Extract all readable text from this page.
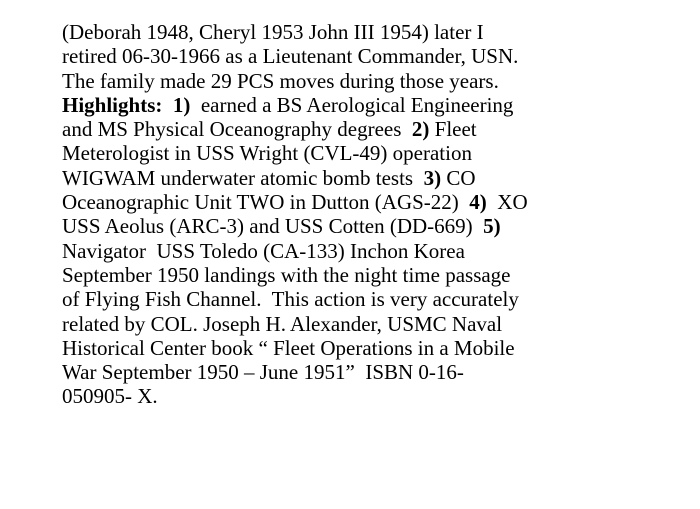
(Deborah 1948, Cheryl 1953 John III 1954) later I
retired 06-30-1966 as a Lieutenant Commander, USN.
The family made 29 PCS moves during those years.
Highlights:  1)  earned a BS Aerological Engineering
and MS Physical Oceanography degrees  2) Fleet
Meterologist in USS Wright (CVL-49) operation
WIGWAM underwater atomic bomb tests  3) CO
Oceanographic Unit TWO in Dutton (AGS-22)  4)  XO
USS Aeolus (ARC-3) and USS Cotten (DD-669)  5)
Navigator  USS Toledo (CA-133) Inchon Korea
September 1950 landings with the night time passage
of Flying Fish Channel.  This action is very accurately
related by COL. Joseph H. Alexander, USMC Naval
Historical Center book “ Fleet Operations in a Mobile
War September 1950 – June 1951”  ISBN 0-16-
050905- X.
